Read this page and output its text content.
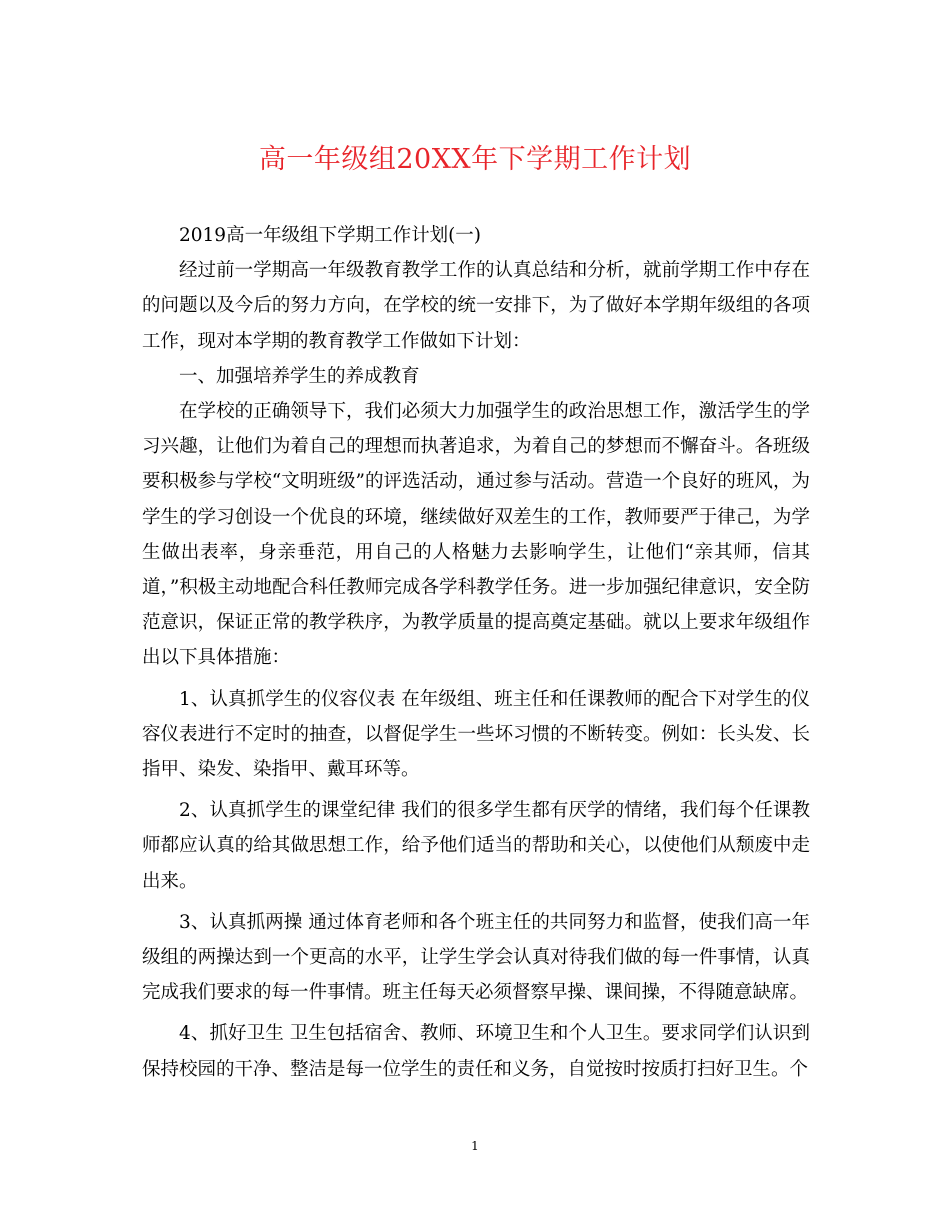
高一年级组20XX年下学期工作计划

2019高一年级组下学期工作计划(一)

经过前一学期高一年级教育教学工作的认真总结和分析，就前学期工作中存在的问题以及今后的努力方向，在学校的统一安排下，为了做好本学期年级组的各项工作，现对本学期的教育教学工作做如下计划：

一、加强培养学生的养成教育

在学校的正确领导下，我们必须大力加强学生的政治思想工作，激活学生的学习兴趣，让他们为着自己的理想而执著追求，为着自己的梦想而不懈奋斗。各班级要积极参与学校“文明班级”的评选活动，通过参与活动。营造一个良好的班风，为学生的学习创设一个优良的环境，继续做好双差生的工作，教师要严于律己，为学生做出表率，身亲垂范，用自己的人格魅力去影响学生，让他们“亲其师，信其道，”积极主动地配合科任教师完成各学科教学任务。进一步加强纪律意识，安全防范意识，保证正常的教学秩序，为教学质量的提高奠定基础。就以上要求年级组作出以下具体措施：

1、认真抓学生的仪容仪表 在年级组、班主任和任课教师的配合下对学生的仪容仪表进行不定时的抽查，以督促学生一些坏习惯的不断转变。例如：长头发、长指甲、染发、染指甲、戴耳环等。

2、认真抓学生的课堂纪律 我们的很多学生都有厌学的情绪，我们每个任课教师都应认真的给其做思想工作，给予他们适当的帮助和关心，以使他们从颓废中走出来。

3、认真抓两操 通过体育老师和各个班主任的共同努力和监督，使我们高一年级组的两操达到一个更高的水平，让学生学会认真对待我们做的每一件事情，认真完成我们要求的每一件事情。班主任每天必须督察早操、课间操，不得随意缺席。

4、抓好卫生 卫生包括宿舍、教师、环境卫生和个人卫生。要求同学们认识到保持校园的干净、整洁是每一位学生的责任和义务，自觉按时按质打扫好卫生。个

1
